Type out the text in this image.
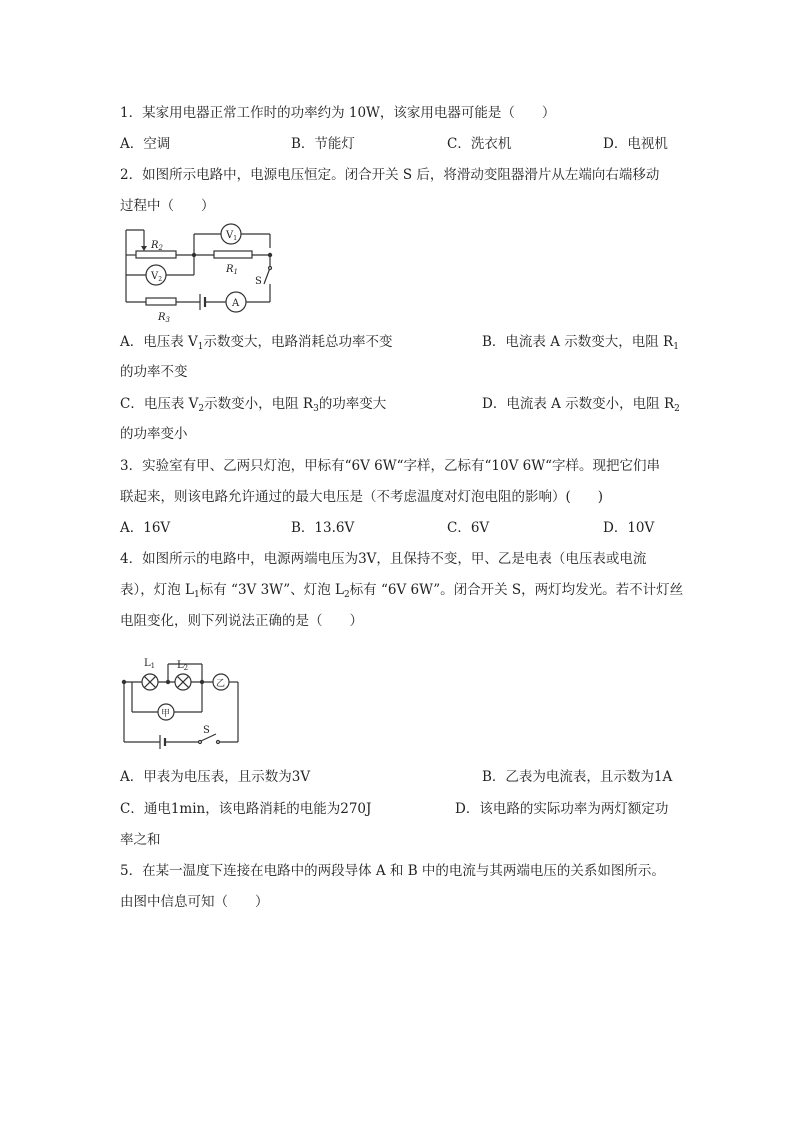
1．某家用电器正常工作时的功率约为 10W，该家用电器可能是（　　）
A．空调	B．节能灯	C．洗衣机	D．电视机
2．如图所示电路中，电源电压恒定。闭合开关 S 后，将滑动变阻器滑片从左端向右端移动
过程中（　　）
$R_2$
$R_1$
$R_3$
$V_1$
$V_2$
A
S
A．电压表 $V_1$示数变大，电路消耗总功率不变	B．电流表 A 示数变大，电阻 $R_1$
的功率不变
C．电压表 $V_2$示数变小，电阻 $R_3$的功率变大	D．电流表 A 示数变小，电阻 $R_2$
的功率变小
3．实验室有甲、乙两只灯泡，甲标有“6V 6W“字样，乙标有“10V 6W“字样。现把它们串
联起来，则该电路允许通过的最大电压是（不考虑温度对灯泡电阻的影响）(　　)
A．16V	B．13.6V	C．6V	D．10V
4．如图所示的电路中，电源两端电压为3V，且保持不变，甲、乙是电表（电压表或电流
表），灯泡 $L_1$标有 “3V 3W”、灯泡 $L_2$标有 “6V 6W”。闭合开关 S，两灯均发光。若不计灯丝
电阻变化，则下列说法正确的是（　　）
$L_1$ $L_2$
甲
乙
S
A．甲表为电压表，且示数为3V	B．乙表为电流表，且示数为1A
C．通电1min，该电路消耗的电能为270J	D．该电路的实际功率为两灯额定功
率之和
5．在某一温度下连接在电路中的两段导体 A 和 B 中的电流与其两端电压的关系如图所示。
由图中信息可知（　　）
